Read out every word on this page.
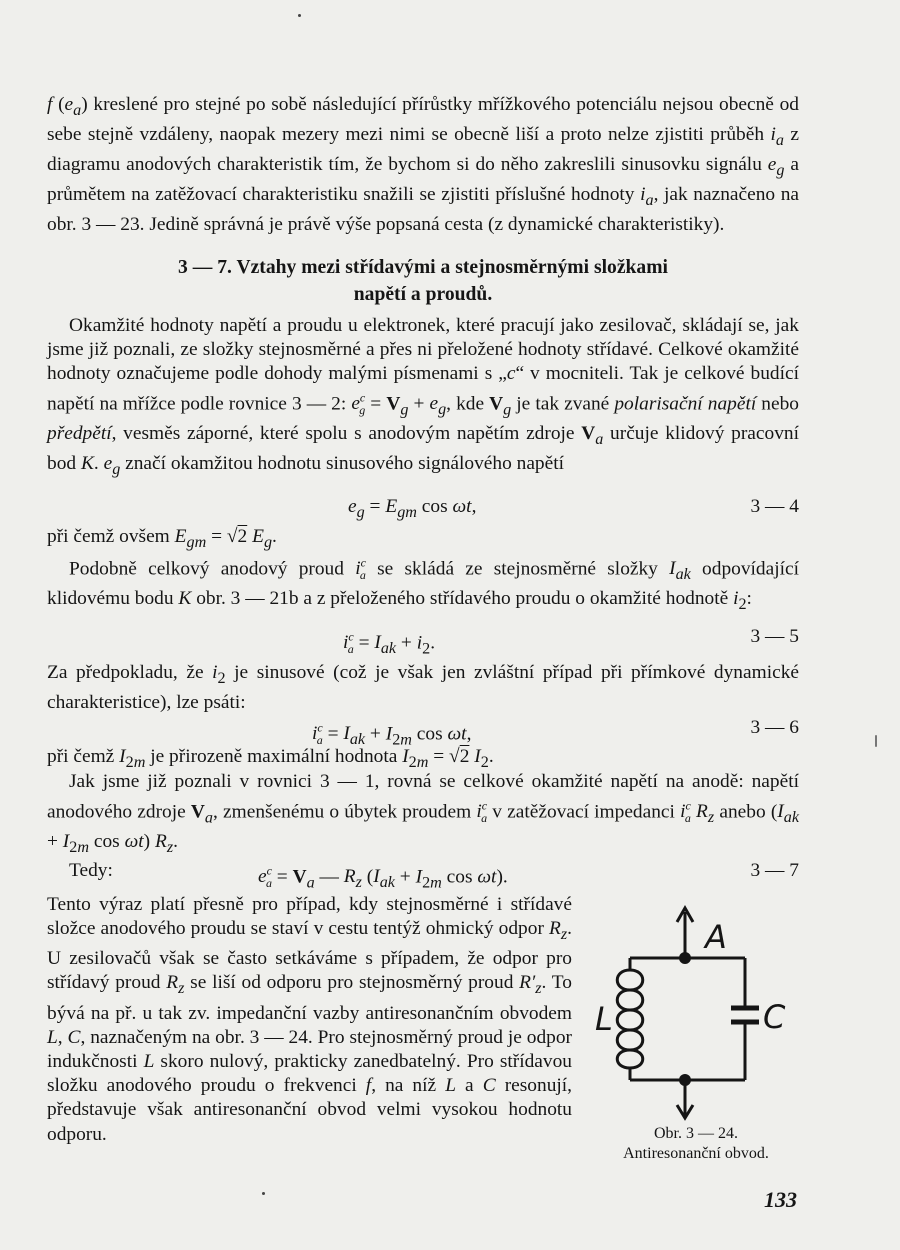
f $(e_a)$ kreslené pro stejné po sobě následující přírůstky mřížkového potenciálu nejsou obecně od sebe stejně vzdáleny, naopak mezery mezi nimi se obecně liší a proto nelze zjistiti průběh $i_a$ z diagramu anodových charakteristik tím, že bychom si do něho zakreslili sinusovku signálu $e_g$ a průmětem na zatěžovací charakteristiku snažili se zjistiti příslušné hodnoty $i_a$, jak naznačeno na obr. 3 — 23. Jedině správná je právě výše popsaná cesta (z dynamické charakteristiky).

3 — 7. Vztahy mezi střídavými a stejnosměrnými složkami
napětí a proudů.

Okamžité hodnoty napětí a proudu u elektronek, které pracují jako zesilovač, skládají se, jak jsme již poznali, ze složky stejnosměrné a přes ni přeložené hodnoty střídavé. Celkové okamžité hodnoty označujeme podle dohody malými písmenami s „c“ v mocniteli. Tak je celkové budící napětí na mřížce podle rovnice 3 — 2: $e^c_g = V_g + e_g$, kde $V_g$ je tak zvané polarisační napětí nebo předpětí, vesměs záporné, které spolu s anodovým napětím zdroje $V_a$ určuje klidový pracovní bod K. $e_g$ značí okamžitou hodnotu sinusového signálového napětí

$e_g = E_{gm}$ cos ωt,	3 — 4

při čemž ovšem $E_{gm} = √2$ $E_g$.

Podobně celkový anodový proud $i^c_a$ se skládá ze stejnosměrné složky $I_{ak}$ odpovídající klidovému bodu K obr. 3 — 21b a z přeloženého střídavého proudu o okamžité hodnotě $i_2$:

$i^c_a = I_{ak} + i_2$.	3 — 5

Za předpokladu, že $i_2$ je sinusové (což je však jen zvláštní případ při přímkové dynamické charakteristice), lze psáti:

$i^c_a = I_{ak} + I_{2m}$ cos ωt,	3 — 6

při čemž $I_{2m}$ je přirozeně maximální hodnota $I_{2m} = √2$ $I_2$.

Jak jsme již poznali v rovnici 3 — 1, rovná se celkové okamžité napětí na anodě: napětí anodového zdroje $V_a$, zmenšenému o úbytek proudem $i^c_a$ v zatěžovací impedanci $i^c_a$ $R_z$ anebo ($I_{ak} + I_{2m}$ cos ωt) $R_z$.

Tedy:	$e^c_a = V_a$ — $R_z$ ($I_{ak} + I_{2m}$ cos ωt).	3 — 7

Tento výraz platí přesně pro případ, kdy stejnosměrné i střídavé složce anodového proudu se staví v cestu tentýž ohmický odpor $R_z$. U zesilovačů však se často setkáváme s případem, že odpor pro střídavý proud $R_z$ se liší od odporu pro stejnosměrný proud $R'_z$. To bývá na př. u tak zv. impedanční vazby antiresonančním obvodem L, C, naznačeným na obr. 3 — 24. Pro stejnosměrný proud je odpor indukčnosti L skoro nulový, prakticky zanedbatelný. Pro střídavou složku anodového proudu o frekvenci f, na níž L a C resonují, představuje však antiresonanční obvod velmi vysokou hodnotu odporu.

A
L	C
Obr. 3 — 24.
Antiresonanční obvod.
133
